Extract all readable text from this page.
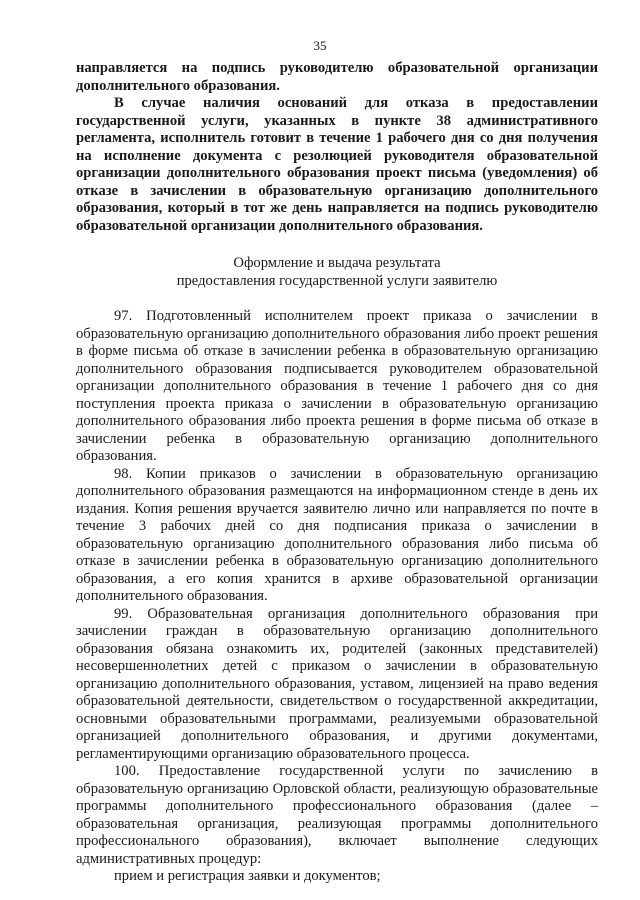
35

направляется на подпись руководителю образовательной организации дополнительного образования.

В случае наличия оснований для отказа в предоставлении государственной услуги, указанных в пункте 38 административного регламента, исполнитель готовит в течение 1 рабочего дня со дня получения на исполнение документа с резолюцией руководителя образовательной организации дополнительного образования проект письма (уведомления) об отказе в зачислении в образовательную организацию дополнительного образования, который в тот же день направляется на подпись руководителю образовательной организации дополнительного образования.

Оформление и выдача результата
предоставления государственной услуги заявителю

97. Подготовленный исполнителем проект приказа о зачислении в образовательную организацию дополнительного образования либо проект решения в форме письма об отказе в зачислении ребенка в образовательную организацию дополнительного образования подписывается руководителем образовательной организации дополнительного образования в течение 1 рабочего дня со дня поступления проекта приказа о зачислении в образовательную организацию дополнительного образования либо проекта решения в форме письма об отказе в зачислении ребенка в образовательную организацию дополнительного образования.

98. Копии приказов о зачислении в образовательную организацию дополнительного образования размещаются на информационном стенде в день их издания. Копия решения вручается заявителю лично или направляется по почте в течение 3 рабочих дней со дня подписания приказа о зачислении в образовательную организацию дополнительного образования либо письма об отказе в зачислении ребенка в образовательную организацию дополнительного образования, а его копия хранится в архиве образовательной организации дополнительного образования.

99. Образовательная организация дополнительного образования при зачислении граждан в образовательную организацию дополнительного образования обязана ознакомить их, родителей (законных представителей) несовершеннолетних детей с приказом о зачислении в образовательную организацию дополнительного образования, уставом, лицензией на право ведения образовательной деятельности, свидетельством о государственной аккредитации, основными образовательными программами, реализуемыми образовательной организацией дополнительного образования, и другими документами, регламентирующими организацию образовательного процесса.

100. Предоставление государственной услуги по зачислению в образовательную организацию Орловской области, реализующую образовательные программы дополнительного профессионального образования (далее – образовательная организация, реализующая программы дополнительного профессионального образования), включает выполнение следующих административных процедур:

прием и регистрация заявки и документов;
